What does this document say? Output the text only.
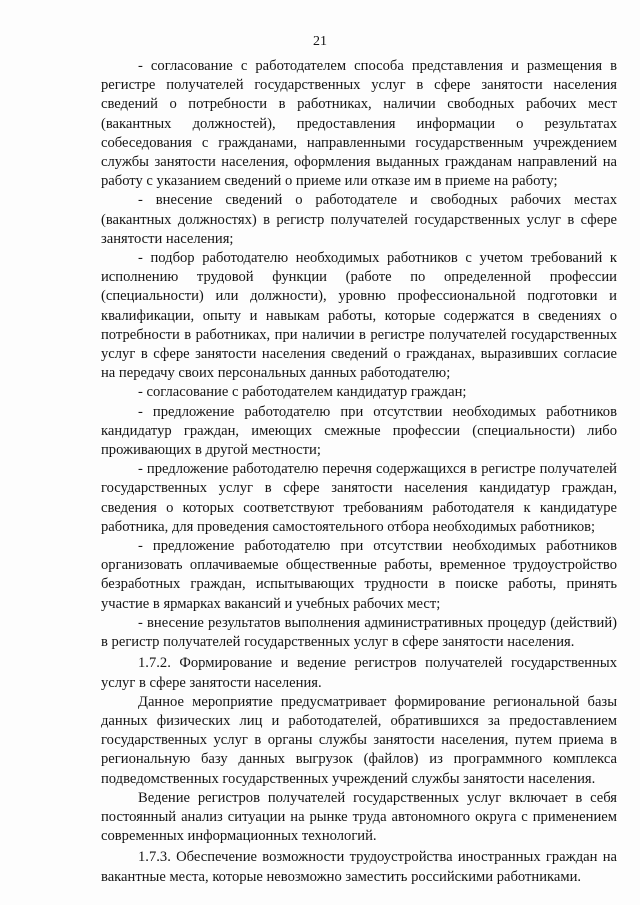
21

- согласование с работодателем способа представления и размещения в регистре получателей государственных услуг в сфере занятости населения сведений о потребности в работниках, наличии свободных рабочих мест (вакантных должностей), предоставления информации о результатах собеседования с гражданами, направленными государственным учреждением службы занятости населения, оформления выданных гражданам направлений на работу с указанием сведений о приеме или отказе им в приеме на работу;

- внесение сведений о работодателе и свободных рабочих местах (вакантных должностях) в регистр получателей государственных услуг в сфере занятости населения;

- подбор работодателю необходимых работников с учетом требований к исполнению трудовой функции (работе по определенной профессии (специальности) или должности), уровню профессиональной подготовки и квалификации, опыту и навыкам работы, которые содержатся в сведениях о потребности в работниках, при наличии в регистре получателей государственных услуг в сфере занятости населения сведений о гражданах, выразивших согласие на передачу своих персональных данных работодателю;

- согласование с работодателем кандидатур граждан;

- предложение работодателю при отсутствии необходимых работников кандидатур граждан, имеющих смежные профессии (специальности) либо проживающих в другой местности;

- предложение работодателю перечня содержащихся в регистре получателей государственных услуг в сфере занятости населения кандидатур граждан, сведения о которых соответствуют требованиям работодателя к кандидатуре работника, для проведения самостоятельного отбора необходимых работников;

- предложение работодателю при отсутствии необходимых работников организовать оплачиваемые общественные работы, временное трудоустройство безработных граждан, испытывающих трудности в поиске работы, принять участие в ярмарках вакансий и учебных рабочих мест;

- внесение результатов выполнения административных процедур (действий) в регистр получателей государственных услуг в сфере занятости населения.

1.7.2. Формирование и ведение регистров получателей государственных услуг в сфере занятости населения.

Данное мероприятие предусматривает формирование региональной базы данных физических лиц и работодателей, обратившихся за предоставлением государственных услуг в органы службы занятости населения, путем приема в региональную базу данных выгрузок (файлов) из программного комплекса подведомственных государственных учреждений службы занятости населения.

Ведение регистров получателей государственных услуг включает в себя постоянный анализ ситуации на рынке труда автономного округа с применением современных информационных технологий.

1.7.3. Обеспечение возможности трудоустройства иностранных граждан на вакантные места, которые невозможно заместить российскими работниками.
